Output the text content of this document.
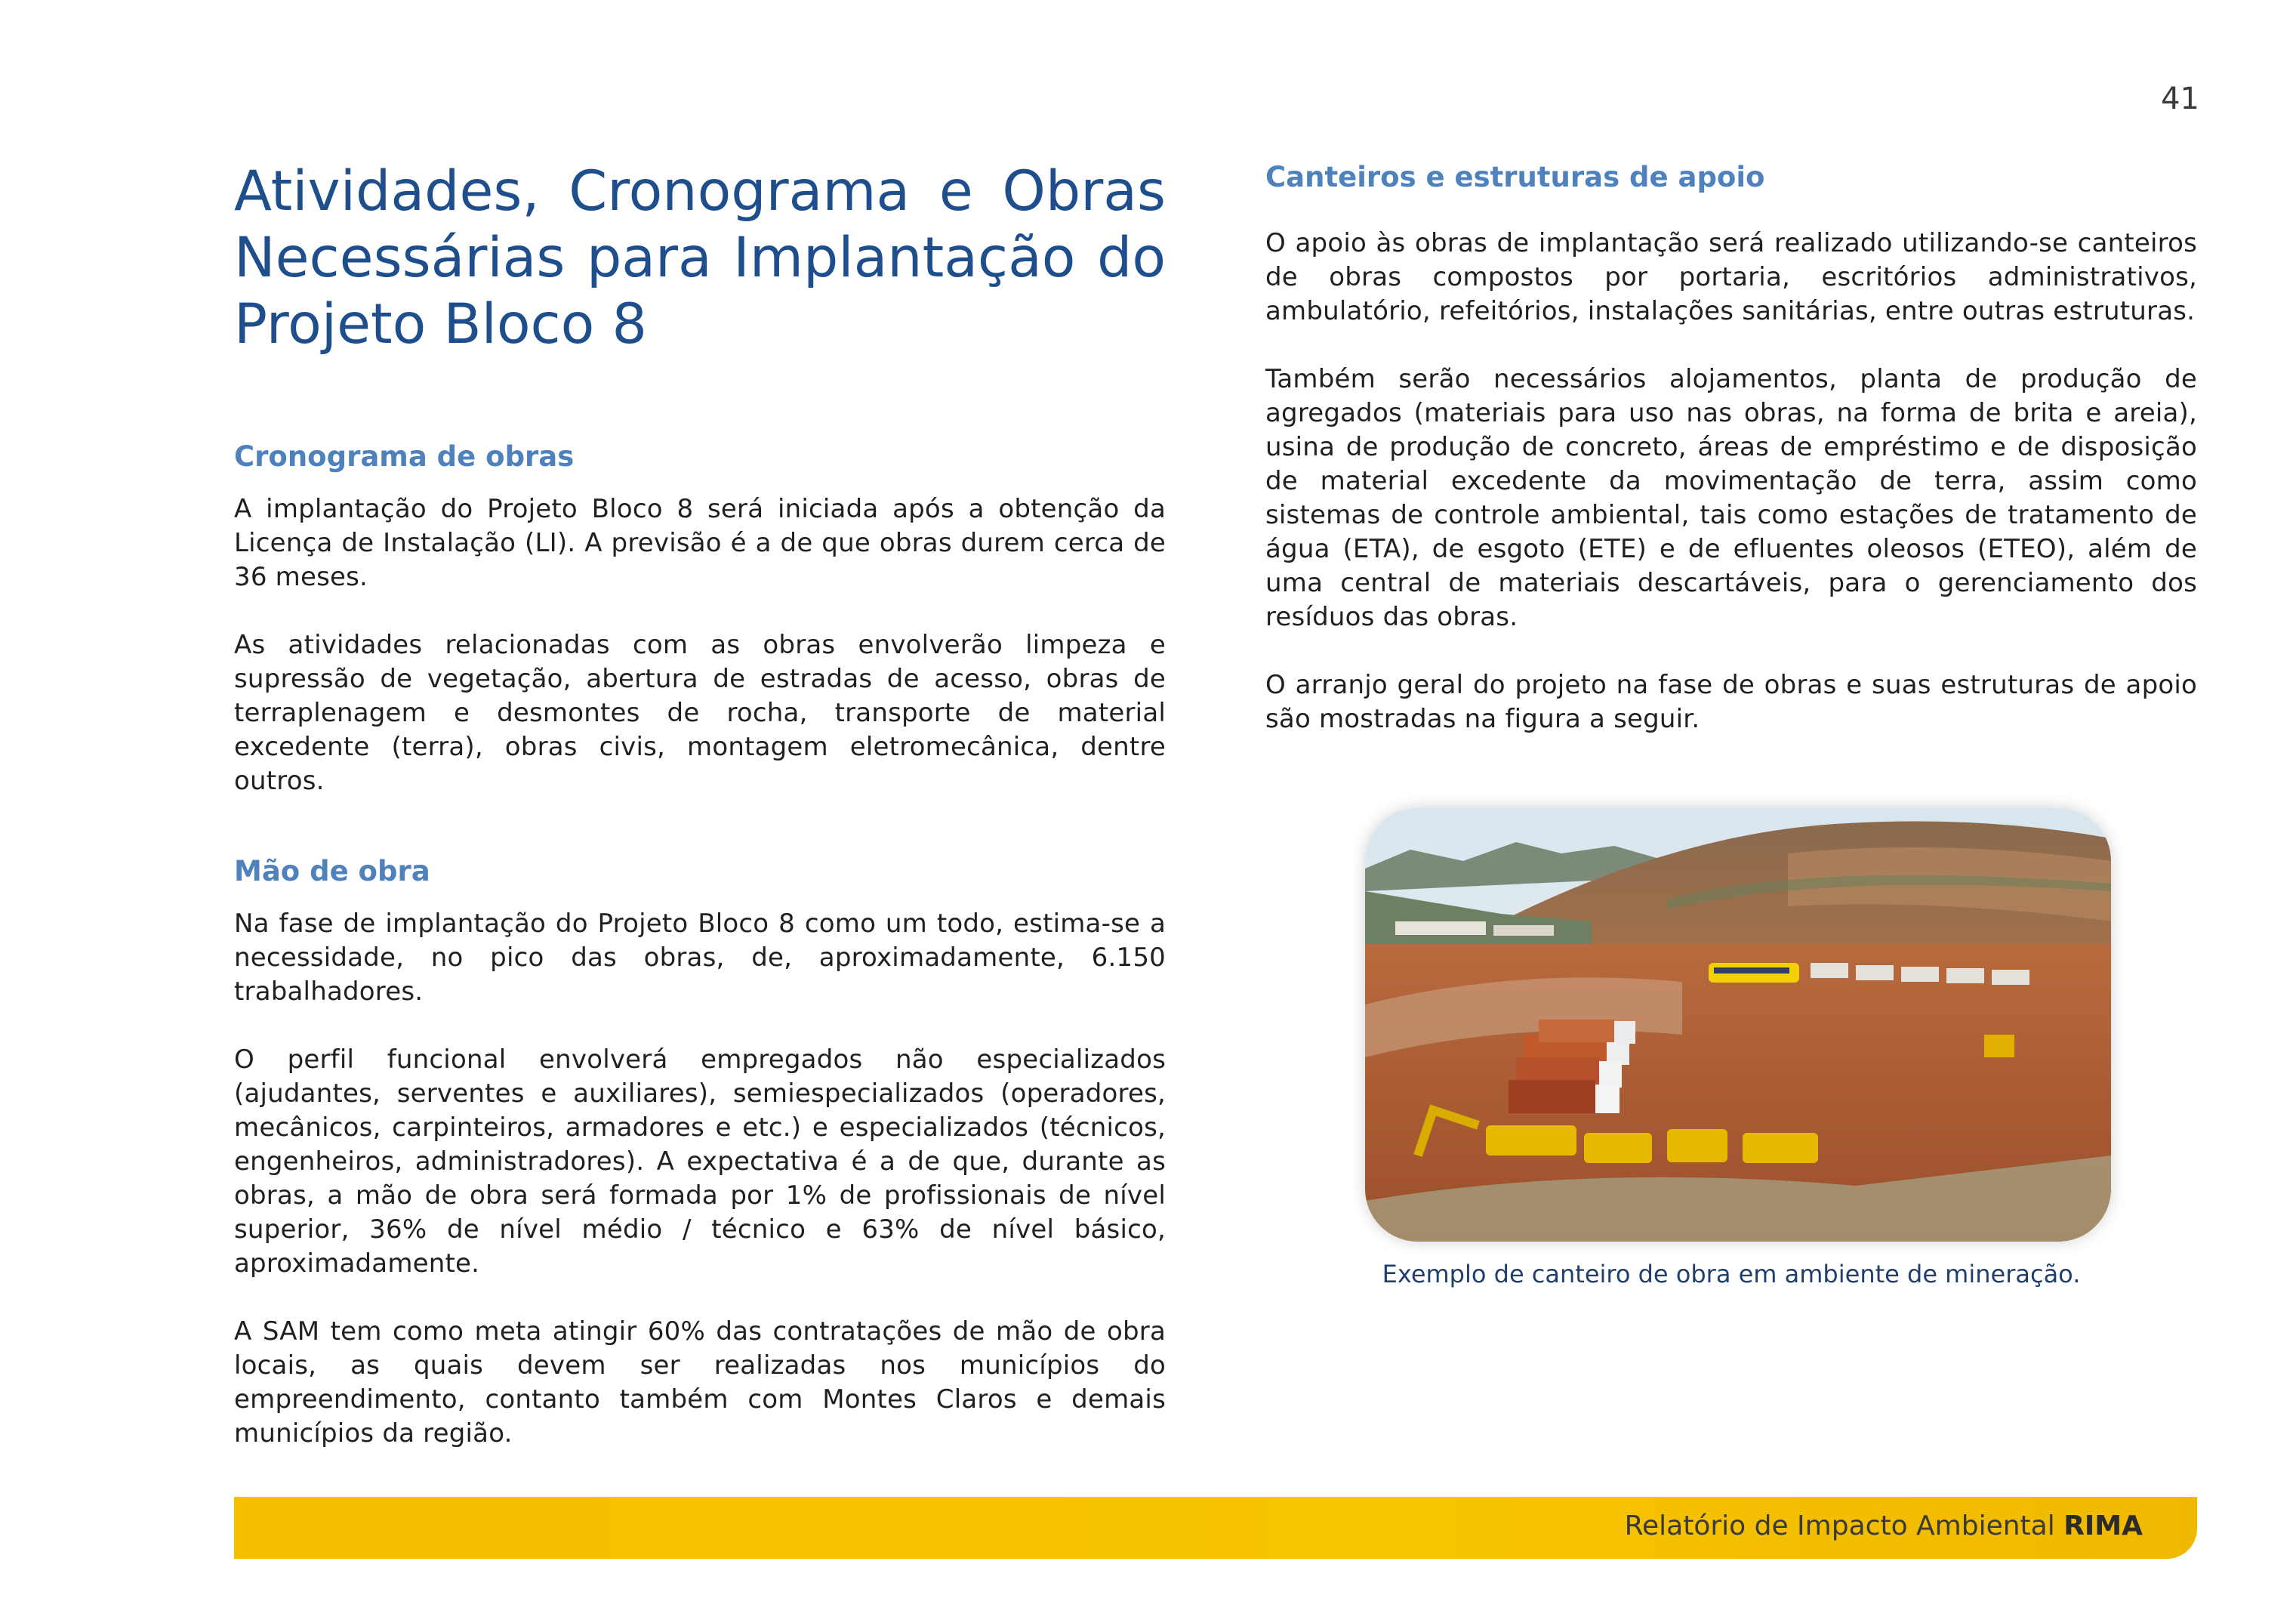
41
Atividades, Cronograma e Obras Necessárias para Implantação do Projeto Bloco 8
Cronograma de obras

A implantação do Projeto Bloco 8 será iniciada após a obtenção da Licença de Instalação (LI). A previsão é a de que obras durem cerca de 36 meses.

As atividades relacionadas com as obras envolverão limpeza e supressão de vegetação, abertura de estradas de acesso, obras de terraplenagem e desmontes de rocha, transporte de material excedente (terra), obras civis, montagem eletromecânica, dentre outros.

Mão de obra

Na fase de implantação do Projeto Bloco 8 como um todo, estima-se a necessidade, no pico das obras, de, aproximadamente, 6.150 trabalhadores.

O perfil funcional envolverá empregados não especializados (ajudantes, serventes e auxiliares), semiespecializados (operadores, mecânicos, carpinteiros, armadores e etc.) e especializados (técnicos, engenheiros, administradores). A expectativa é a de que, durante as obras, a mão de obra será formada por 1% de profissionais de nível superior, 36% de nível médio / técnico e 63% de nível básico, aproximadamente.

A SAM tem como meta atingir 60% das contratações de mão de obra locais, as quais devem ser realizadas nos municípios do empreendimento, contanto também com Montes Claros e demais municípios da região.

Canteiros e estruturas de apoio

O apoio às obras de implantação será realizado utilizando-se canteiros de obras compostos por portaria, escritórios administrativos, ambulatório, refeitórios, instalações sanitárias, entre outras estruturas.

Também serão necessários alojamentos, planta de produção de agregados (materiais para uso nas obras, na forma de brita e areia), usina de produção de concreto, áreas de empréstimo e de disposição de material excedente da movimentação de terra, assim como sistemas de controle ambiental, tais como estações de tratamento de água (ETA), de esgoto (ETE) e de efluentes oleosos (ETEO), além de uma central de materiais descartáveis, para o gerenciamento dos resíduos das obras.

O arranjo geral do projeto na fase de obras e suas estruturas de apoio são mostradas na figura a seguir.

Exemplo de canteiro de obra em ambiente de mineração.
Relatório de Impacto Ambiental RIMA
